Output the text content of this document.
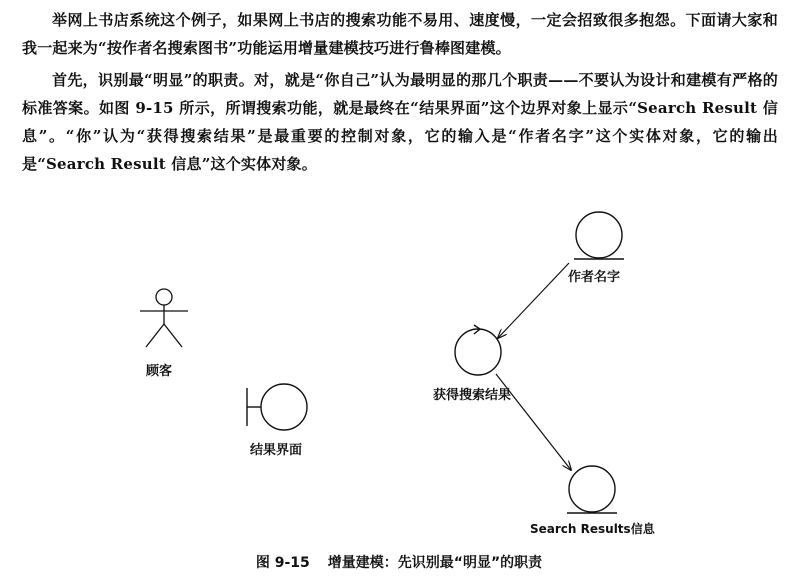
举网上书店系统这个例子，如果网上书店的搜索功能不易用、速度慢，一定会招致很多抱怨。下面请大家和我一起来为“按作者名搜索图书”功能运用增量建模技巧进行鲁棒图建模。

首先，识别最“明显”的职责。对，就是“你自己”认为最明显的那几个职责——不要认为设计和建模有严格的标准答案。如图 9-15 所示，所谓搜索功能，就是最终在“结果界面”这个边界对象上显示“Search Result 信息”。“你”认为“获得搜索结果”是最重要的控制对象，它的输入是“作者名字”这个实体对象，它的输出是“Search Result 信息”这个实体对象。

顾客
结果界面
作者名字
获得搜索结果
Search Results信息
图 9-15 增量建模：先识别最“明显”的职责
